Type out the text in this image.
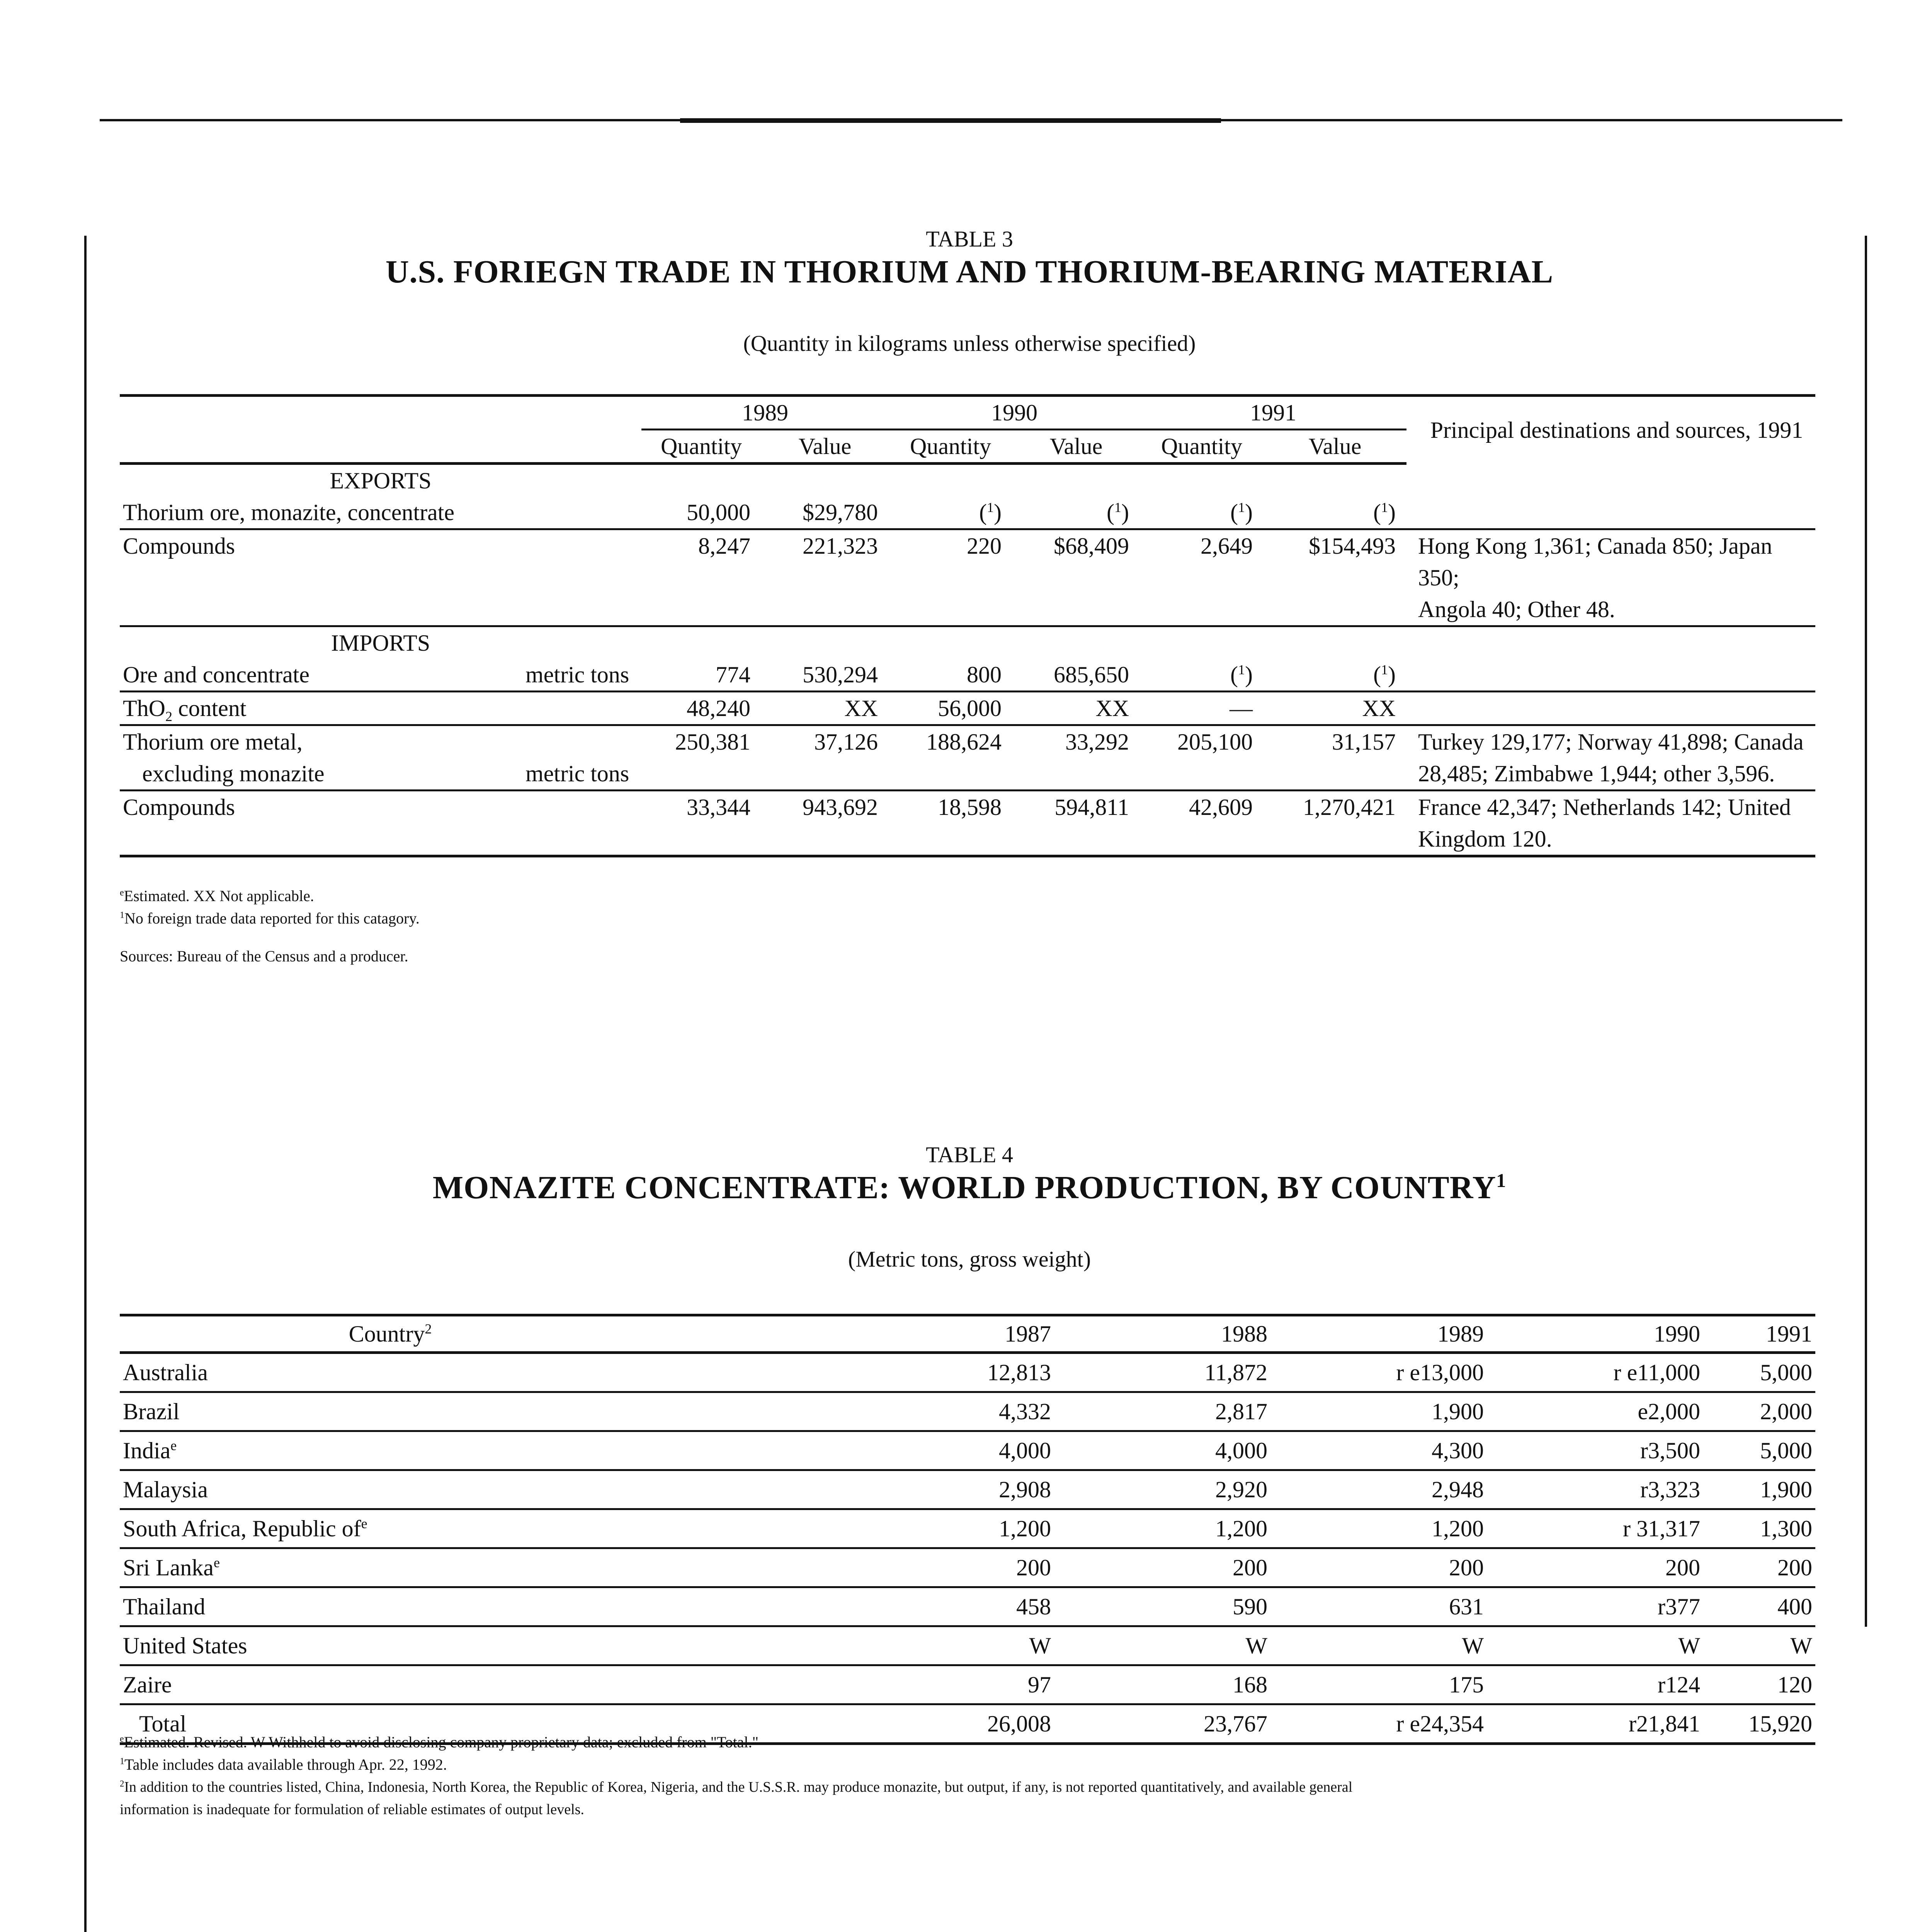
TABLE 3
U.S. FORIEGN TRADE IN THORIUM AND THORIUM-BEARING MATERIAL
(Quantity in kilograms unless otherwise specified)
		1989		1990		1991		Principal destinations and sources, 1991
		Quantity	Value	Quantity	Value	Quantity	Value	
EXPORTS								
Thorium ore, monazite, concentrate		50,000	$29,780	($^1$)	($^1$)	($^1$)	($^1$)	
Compounds		8,247	221,323	220	$68,409	2,649	$154,493	Hong Kong 1,361; Canada 850; Japan 350;
Angola 40; Other 48.
IMPORTS								
Ore and concentrate	metric tons	774	530,294	800	685,650	($^1$)	($^1$)	
ThO$_2$ content		48,240	XX	56,000	XX	—	XX	
Thorium ore metal,
excluding monazite	metric tons	250,381	37,126	188,624	33,292	205,100	31,157	Turkey 129,177; Norway 41,898; Canada
28,485; Zimbabwe 1,944; other 3,596.
Compounds		33,344	943,692	18,598	594,811	42,609	1,270,421	France 42,347; Netherlands 142; United
Kingdom 120.
$^e$Estimated. XX Not applicable.
$^1$No foreign trade data reported for this catagory.
Sources: Bureau of the Census and a producer.
TABLE 4
MONAZITE CONCENTRATE: WORLD PRODUCTION, BY COUNTRY$^1$
(Metric tons, gross weight)
Country$^2$	1987	1988	1989	1990	1991
Australia	12,813	11,872	r e13,000	r e11,000	5,000
Brazil	4,332	2,817	1,900	e2,000	2,000
India$^e$	4,000	4,000	4,300	r3,500	5,000
Malaysia	2,908	2,920	2,948	r3,323	1,900
South Africa, Republic $of^e$	1,200	1,200	1,200	r 31,317	1,300
Sri Lanka$^e$	200	200	200	200	200
Thailand	458	590	631	r377	400
United States	W	W	W	W	W
Zaire	97	168	175	r124	120
Total	26,008	23,767	r e24,354	r21,841	15,920
$^e$Estimated. Revised. W Withheld to avoid disclosing company proprietary data; excluded from "Total."
$^1$Table includes data available through Apr. 22, 1992.
$^2$In addition to the countries listed, China, Indonesia, North Korea, the Republic of Korea, Nigeria, and the U.S.S.R. may produce monazite, but output, if any, is not reported quantitatively, and available general
information is inadequate for formulation of reliable estimates of output levels.
